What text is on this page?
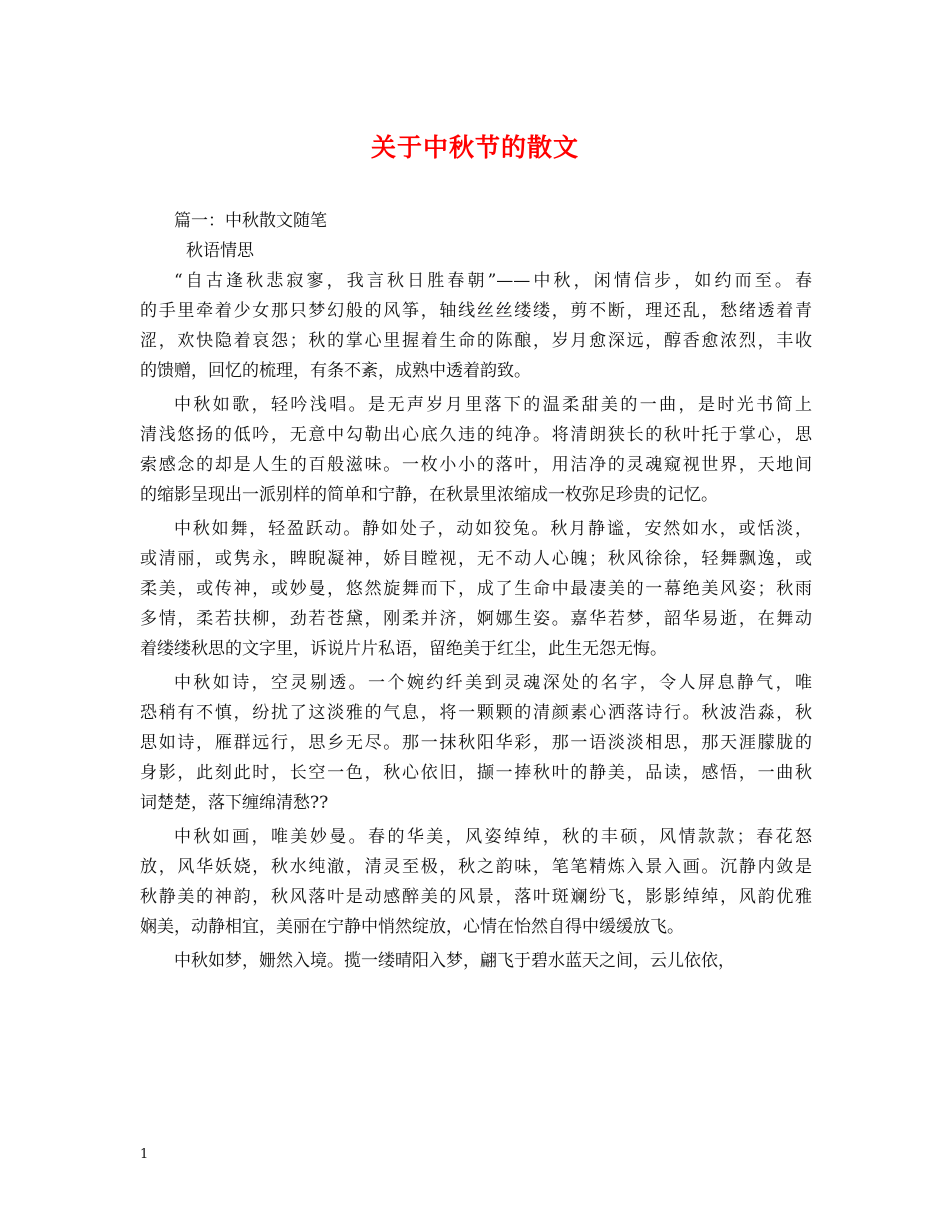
关于中秋节的散文
篇一：中秋散文随笔
秋语情思
“自古逢秋悲寂寥，我言秋日胜春朝”——中秋，闲情信步，如约而至。春
的手里牵着少女那只梦幻般的风筝，轴线丝丝缕缕，剪不断，理还乱，愁绪透着青
涩，欢快隐着哀怨；秋的掌心里握着生命的陈酿，岁月愈深远，醇香愈浓烈，丰收
的馈赠，回忆的梳理，有条不紊，成熟中透着韵致。
中秋如歌，轻吟浅唱。是无声岁月里落下的温柔甜美的一曲，是时光书简上
清浅悠扬的低吟，无意中勾勒出心底久违的纯净。将清朗狭长的秋叶托于掌心，思
索感念的却是人生的百般滋味。一枚小小的落叶，用洁净的灵魂窥视世界，天地间
的缩影呈现出一派别样的简单和宁静，在秋景里浓缩成一枚弥足珍贵的记忆。
中秋如舞，轻盈跃动。静如处子，动如狡兔。秋月静谧，安然如水，或恬淡，
或清丽，或隽永，睥睨凝神，娇目瞠视，无不动人心魄；秋风徐徐，轻舞飘逸，或
柔美，或传神，或妙曼，悠然旋舞而下，成了生命中最凄美的一幕绝美风姿；秋雨
多情，柔若扶柳，劲若苍黛，刚柔并济，婀娜生姿。嘉华若梦，韶华易逝，在舞动
着缕缕秋思的文字里，诉说片片私语，留绝美于红尘，此生无怨无悔。
中秋如诗，空灵剔透。一个婉约纤美到灵魂深处的名字，令人屏息静气，唯
恐稍有不慎，纷扰了这淡雅的气息，将一颗颗的清颜素心洒落诗行。秋波浩淼，秋
思如诗，雁群远行，思乡无尽。那一抹秋阳华彩，那一语淡淡相思，那天涯朦胧的
身影，此刻此时，长空一色，秋心依旧，撷一捧秋叶的静美，品读，感悟，一曲秋
词楚楚，落下缠绵清愁??
中秋如画，唯美妙曼。春的华美，风姿绰绰，秋的丰硕，风情款款；春花怒
放，风华妖娆，秋水纯澈，清灵至极，秋之韵味，笔笔精炼入景入画。沉静内敛是
秋静美的神韵，秋风落叶是动感醉美的风景，落叶斑斓纷飞，影影绰绰，风韵优雅
娴美，动静相宜，美丽在宁静中悄然绽放，心情在怡然自得中缓缓放飞。
中秋如梦，姗然入境。揽一缕晴阳入梦，翩飞于碧水蓝天之间，云儿依依，
1
